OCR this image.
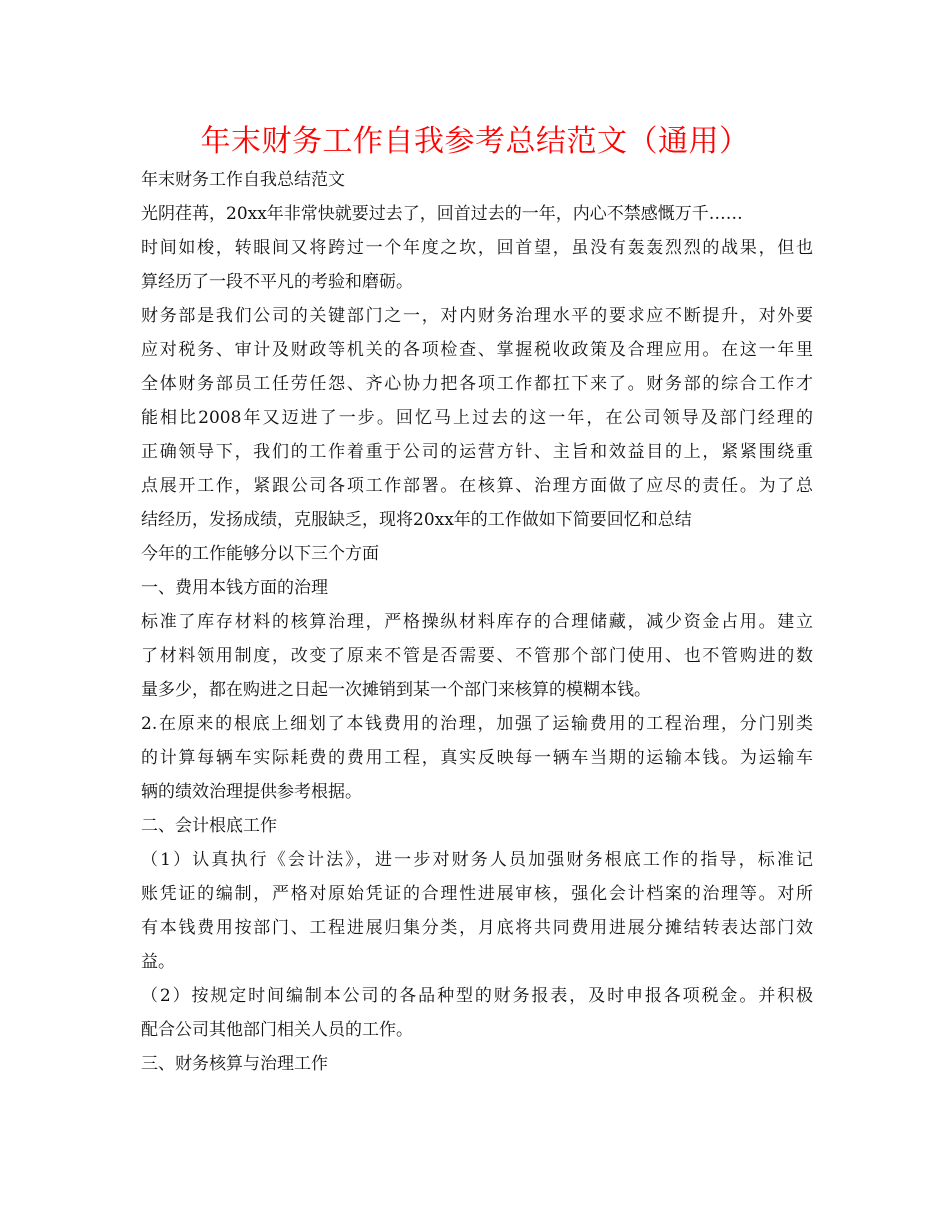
年末财务工作自我参考总结范文（通用）
年末财务工作自我总结范文
光阴荏苒，20xx年非常快就要过去了，回首过去的一年，内心不禁感慨万千……
时间如梭，转眼间又将跨过一个年度之坎，回首望，虽没有轰轰烈烈的战果，但也
算经历了一段不平凡的考验和磨砺。
财务部是我们公司的关键部门之一，对内财务治理水平的要求应不断提升，对外要
应对税务、审计及财政等机关的各项检查、掌握税收政策及合理应用。在这一年里
全体财务部员工任劳任怨、齐心协力把各项工作都扛下来了。财务部的综合工作才
能相比2008年又迈进了一步。回忆马上过去的这一年，在公司领导及部门经理的
正确领导下，我们的工作着重于公司的运营方针、主旨和效益目的上，紧紧围绕重
点展开工作，紧跟公司各项工作部署。在核算、治理方面做了应尽的责任。为了总
结经历，发扬成绩，克服缺乏，现将20xx年的工作做如下简要回忆和总结
今年的工作能够分以下三个方面
一、费用本钱方面的治理
标准了库存材料的核算治理，严格操纵材料库存的合理储藏，减少资金占用。建立
了材料领用制度，改变了原来不管是否需要、不管那个部门使用、也不管购进的数
量多少，都在购进之日起一次摊销到某一个部门来核算的模糊本钱。
2.在原来的根底上细划了本钱费用的治理，加强了运输费用的工程治理，分门别类
的计算每辆车实际耗费的费用工程，真实反映每一辆车当期的运输本钱。为运输车
辆的绩效治理提供参考根据。
二、会计根底工作
（1）认真执行《会计法》，进一步对财务人员加强财务根底工作的指导，标准记
账凭证的编制，严格对原始凭证的合理性进展审核，强化会计档案的治理等。对所
有本钱费用按部门、工程进展归集分类，月底将共同费用进展分摊结转表达部门效
益。
（2）按规定时间编制本公司的各品种型的财务报表，及时申报各项税金。并积极
配合公司其他部门相关人员的工作。
三、财务核算与治理工作
